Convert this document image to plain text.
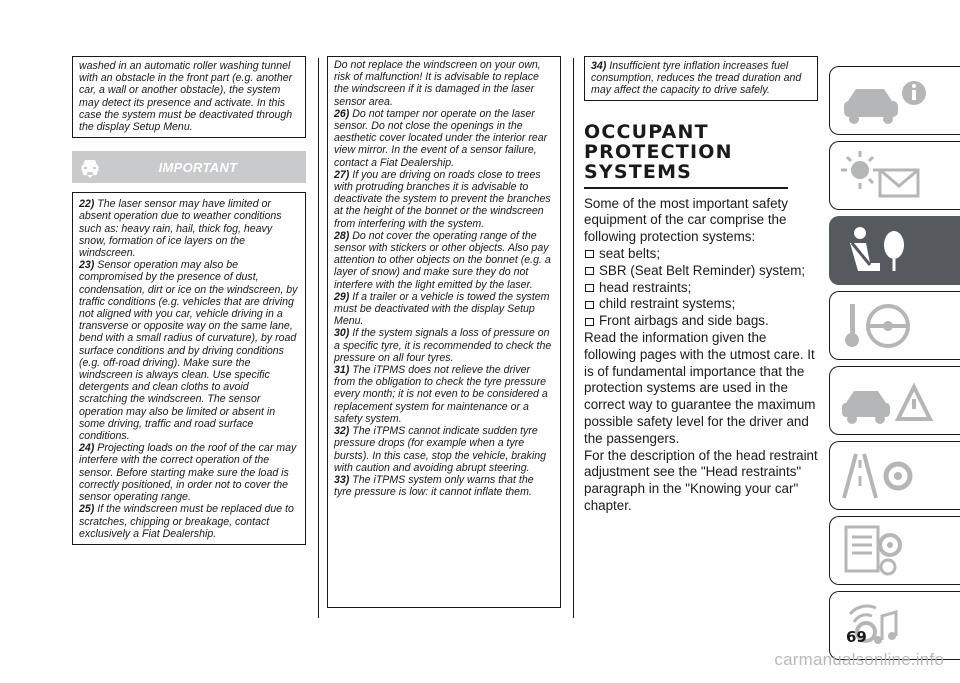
washed in an automatic roller washing tunnel with an obstacle in the front part (e.g. another car, a wall or another obstacle), the system may detect its presence and activate. In this case the system must be deactivated through the display Setup Menu.

IMPORTANT

22) The laser sensor may have limited or absent operation due to weather conditions such as: heavy rain, hail, thick fog, heavy snow, formation of ice layers on the windscreen.

23) Sensor operation may also be compromised by the presence of dust, condensation, dirt or ice on the windscreen, by traffic conditions (e.g. vehicles that are driving not aligned with you car, vehicle driving in a transverse or opposite way on the same lane, bend with a small radius of curvature), by road surface conditions and by driving conditions (e.g. off-road driving). Make sure the windscreen is always clean. Use specific detergents and clean cloths to avoid scratching the windscreen. The sensor operation may also be limited or absent in some driving, traffic and road surface conditions.

24) Projecting loads on the roof of the car may interfere with the correct operation of the sensor. Before starting make sure the load is correctly positioned, in order not to cover the sensor operating range.

25) If the windscreen must be replaced due to scratches, chipping or breakage, contact exclusively a Fiat Dealership.

Do not replace the windscreen on your own, risk of malfunction! It is advisable to replace the windscreen if it is damaged in the laser sensor area.

26) Do not tamper nor operate on the laser sensor. Do not close the openings in the aesthetic cover located under the interior rear view mirror. In the event of a sensor failure, contact a Fiat Dealership.

27) If you are driving on roads close to trees with protruding branches it is advisable to deactivate the system to prevent the branches at the height of the bonnet or the windscreen from interfering with the system.

28) Do not cover the operating range of the sensor with stickers or other objects. Also pay attention to other objects on the bonnet (e.g. a layer of snow) and make sure they do not interfere with the light emitted by the laser.

29) If a trailer or a vehicle is towed the system must be deactivated with the display Setup Menu.

30) If the system signals a loss of pressure on a specific tyre, it is recommended to check the pressure on all four tyres.

31) The iTPMS does not relieve the driver from the obligation to check the tyre pressure every month; it is not even to be considered a replacement system for maintenance or a safety system.

32) The iTPMS cannot indicate sudden tyre pressure drops (for example when a tyre bursts). In this case, stop the vehicle, braking with caution and avoiding abrupt steering.

33) The iTPMS system only warns that the tyre pressure is low: it cannot inflate them.

34) Insufficient tyre inflation increases fuel consumption, reduces the tread duration and may affect the capacity to drive safely.

OCCUPANT
PROTECTION
SYSTEMS

Some of the most important safety equipment of the car comprise the following protection systems:

seat belts;
SBR (Seat Belt Reminder) system;
head restraints;
child restraint systems;
Front airbags and side bags.

Read the information given the following pages with the utmost care. It is of fundamental importance that the protection systems are used in the correct way to guarantee the maximum possible safety level for the driver and the passengers.

For the description of the head restraint adjustment see the "Head restraints" paragraph in the "Knowing your car" chapter.

69
carmanualsonline.info
